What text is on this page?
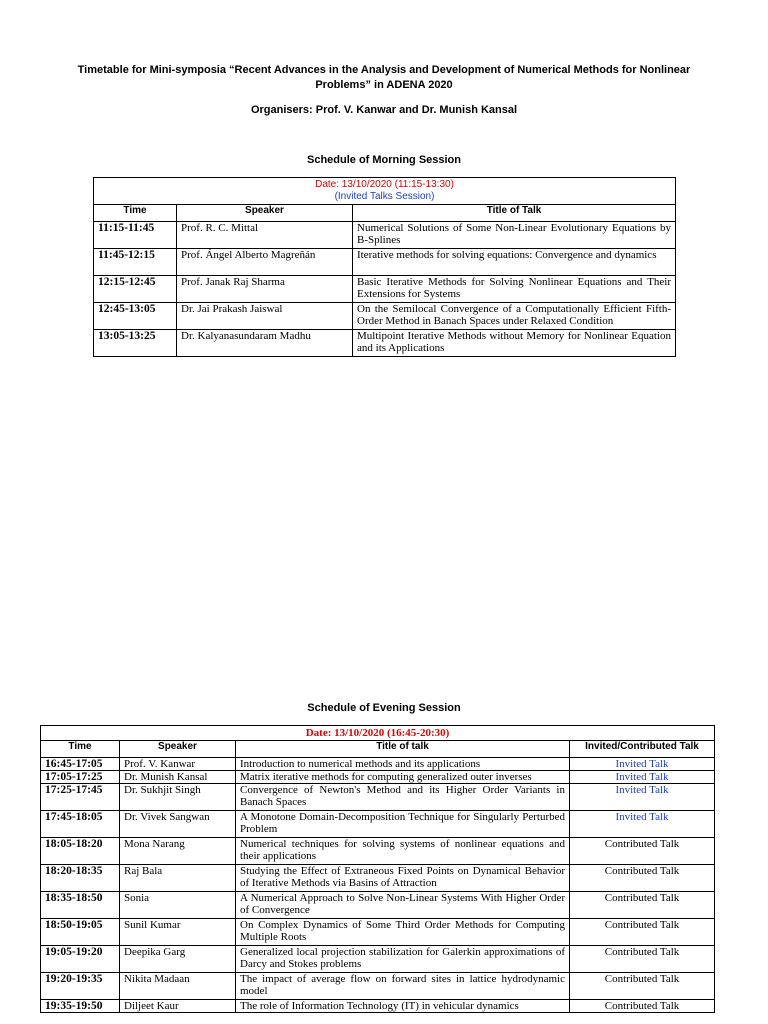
Timetable for Mini-symposia “Recent Advances in the Analysis and Development of Numerical Methods for Nonlinear
Problems” in ADENA 2020
Organisers: Prof. V. Kanwar and Dr. Munish Kansal
Schedule of Morning Session
Date: 13/10/2020 (11:15-13:30)
(Invited Talks Session)		

Time	Speaker	Title of Talk
11:15-11:45	Prof. R. C. Mittal	Numerical Solutions of Some Non-Linear Evolutionary Equations by B-Splines
11:45-12:15	Prof. Ángel Alberto Magreñán	Iterative methods for solving equations: Convergence and dynamics
12:15-12:45	Prof. Janak Raj Sharma	Basic Iterative Methods for Solving Nonlinear Equations and Their Extensions for Systems
12:45-13:05	Dr. Jai Prakash Jaiswal	On the Semilocal Convergence of a Computationally Efficient Fifth-Order Method in Banach Spaces under Relaxed Condition
13:05-13:25	Dr. Kalyanasundaram Madhu	Multipoint Iterative Methods without Memory for Nonlinear Equation and its Applications
Schedule of Evening Session
Date: 13/10/2020 (16:45-20:30)			
Time	Speaker	Title of talk	Invited/Contributed Talk
16:45-17:05	Prof. V. Kanwar	Introduction to numerical methods and its applications	Invited Talk
17:05-17:25	Dr. Munish Kansal	Matrix iterative methods for computing generalized outer inverses	Invited Talk
17:25-17:45	Dr. Sukhjit Singh	Convergence of Newton's Method and its Higher Order Variants in Banach Spaces	Invited Talk
17:45-18:05	Dr. Vivek Sangwan	A Monotone Domain-Decomposition Technique for Singularly Perturbed Problem	Invited Talk
18:05-18:20	Mona Narang	Numerical techniques for solving systems of nonlinear equations and their applications	Contributed Talk
18:20-18:35	Raj Bala	Studying the Effect of Extraneous Fixed Points on Dynamical Behavior of Iterative Methods via Basins of Attraction	Contributed Talk
18:35-18:50	Sonia	A Numerical Approach to Solve Non-Linear Systems With Higher Order of Convergence	Contributed Talk
18:50-19:05	Sunil Kumar	On Complex Dynamics of Some Third Order Methods for Computing Multiple Roots	Contributed Talk
19:05-19:20	Deepika Garg	Generalized local projection stabilization for Galerkin approximations of Darcy and Stokes problems	Contributed Talk
19:20-19:35	Nikita Madaan	The impact of average flow on forward sites in lattice hydrodynamic model	Contributed Talk
19:35-19:50	Diljeet Kaur	The role of Information Technology (IT) in vehicular dynamics	Contributed Talk
